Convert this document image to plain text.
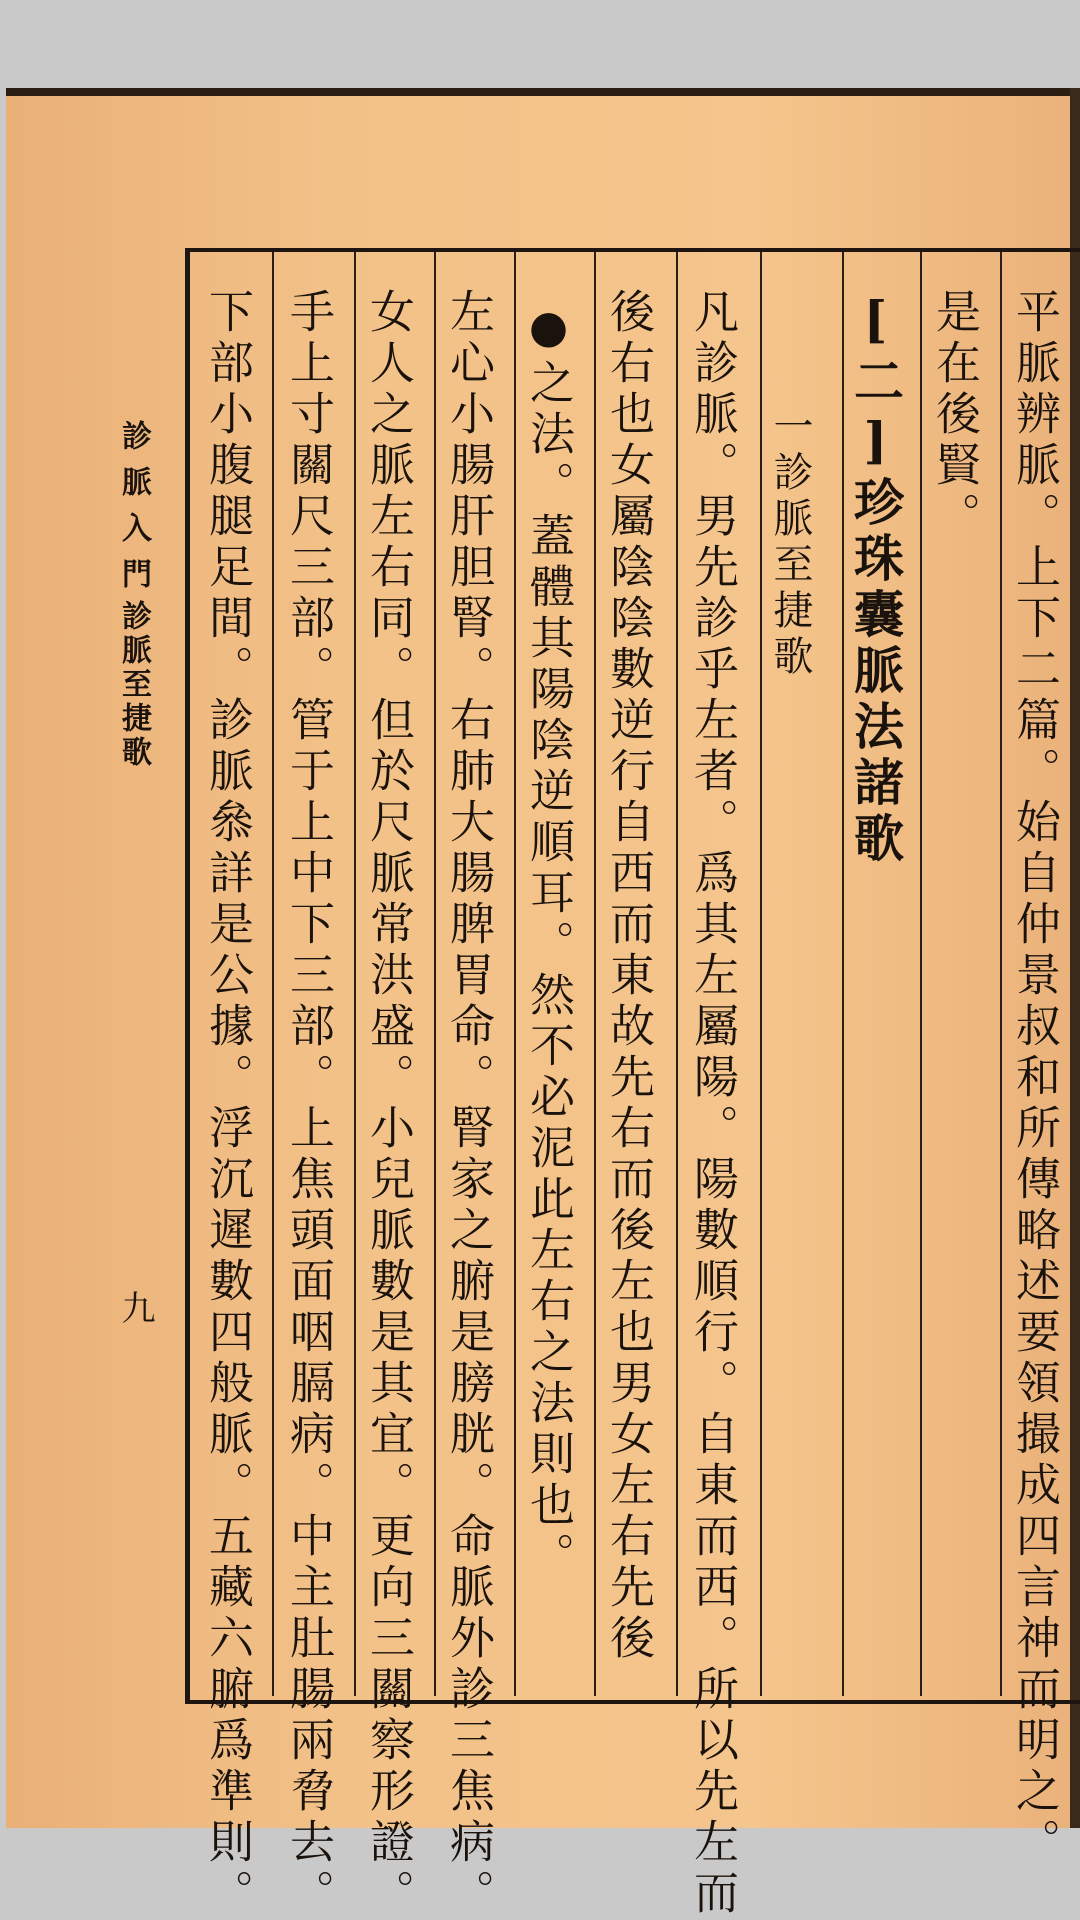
平脈辨脈。上下二篇。始自仲景叔和所傳略述要領撮成四言神而明之。
是在後賢。
[二]珍珠囊脈法諸歌
一診脈至捷歌
凡診脈。男先診乎左者。爲其左屬陽。陽數順行。自東而西。所以先左而
後右也女屬陰陰數逆行自西而東故先右而後左也男女左右先後
●之法。蓋體其陽陰逆順耳。然不必泥此左右之法則也。
左心小腸肝胆腎。右肺大腸脾胃命。腎家之腑是膀胱。命脈外診三焦病。
女人之脈左右同。但於尺脈常洪盛。小兒脈數是其宜。更向三關察形證。
手上寸關尺三部。管于上中下三部。上焦頭面咽膈病。中主肚腸兩脅去。
下部小腹腿足間。診脈叅詳是公據。浮沉遲數四般脈。五藏六腑爲準則。
診脈入門
診脈至捷歌
九
